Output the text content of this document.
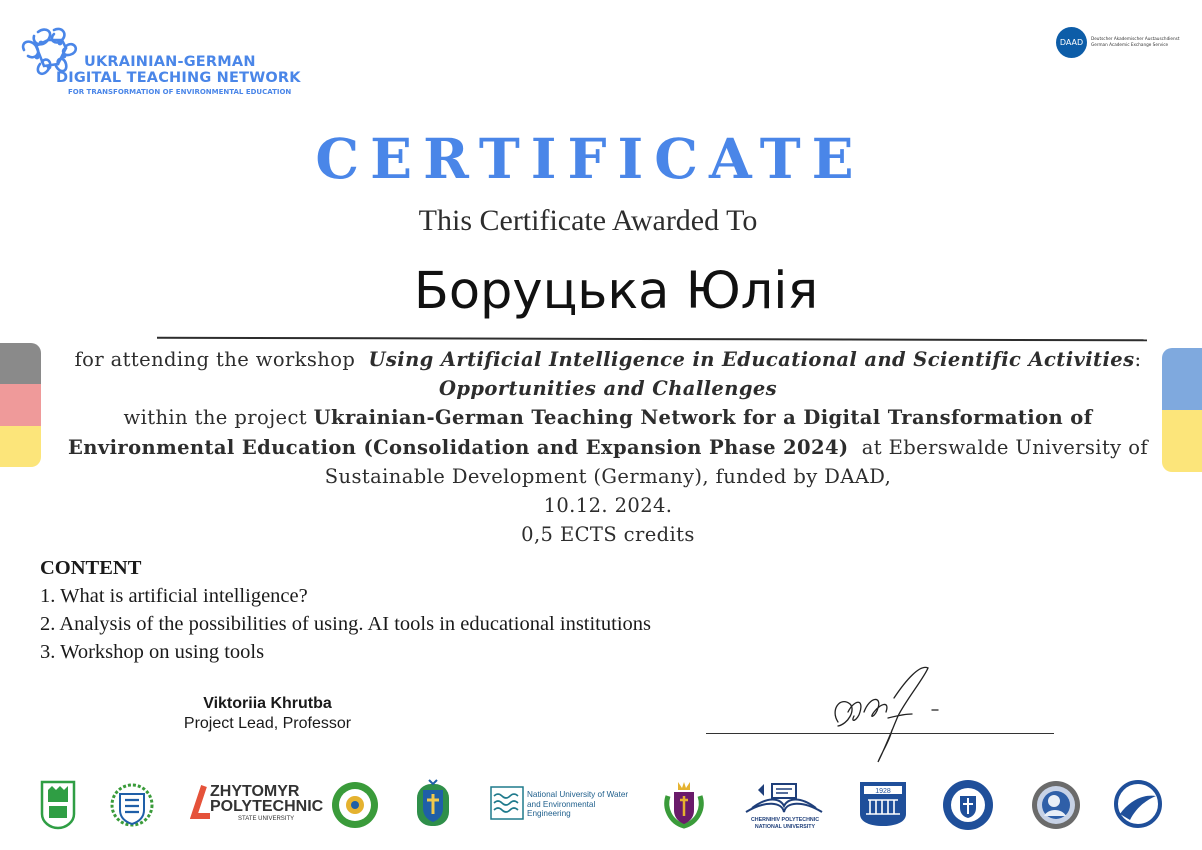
UKRAINIAN-GERMAN
DIGITAL TEACHING NETWORK
FOR TRANSFORMATION OF ENVIRONMENTAL EDUCATION
DAAD	Deutscher Akademischer Austauschdienst
German Academic Exchange Service
CERTIFICATE
This Certificate Awarded To
Боруцька Юлія
for attending the workshop Using Artificial Intelligence in Educational and Scientific Activities:
Opportunities and Challenges
within the project Ukrainian-German Teaching Network for a Digital Transformation of
Environmental Education (Consolidation and Expansion Phase 2024) at Eberswalde University of
Sustainable Development (Germany), funded by DAAD,
10.12. 2024.
0,5 ECTS credits
CONTENT
1. What is artificial intelligence?
2. Analysis of the possibilities of using. AI tools in educational institutions
3. Workshop on using tools
Viktoriia Khrutba
Project Lead, Professor
ZHYTOMYR
POLYTECHNIC
STATE UNIVERSITY
National University of Water
and Environmental
Engineering
CHERNIHIV POLYTECHNIC
NATIONAL UNIVERSITY
1928
